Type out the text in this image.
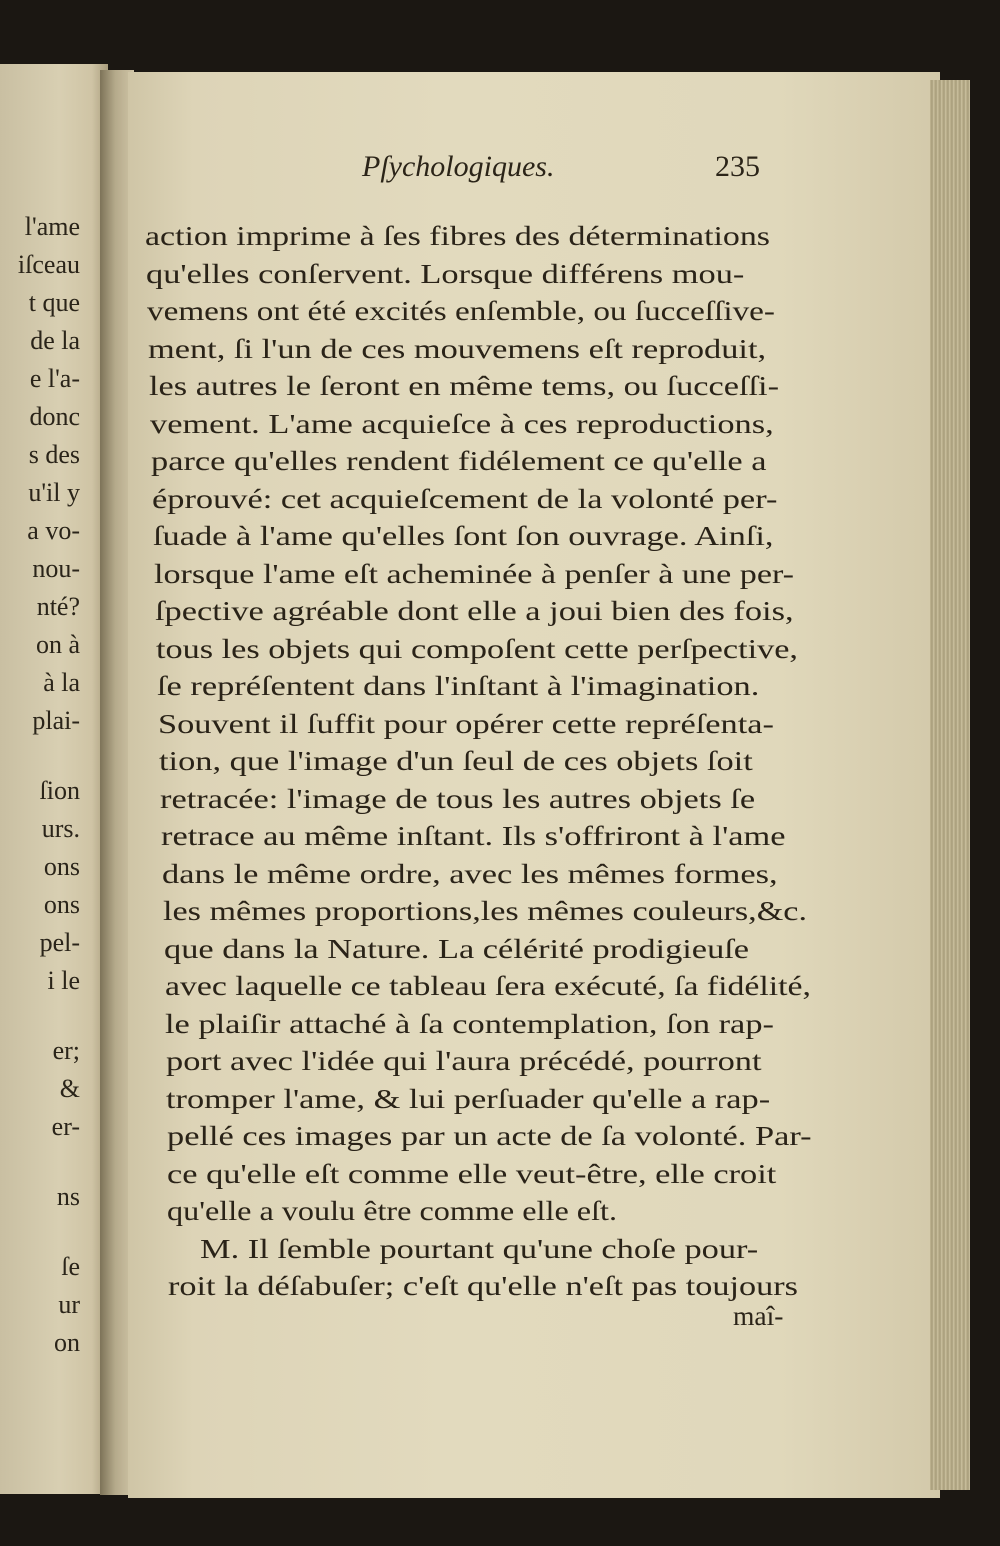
l'ame
iſceau
t que
de la
e l'a-
donc
s des
u'il y
a vo-
nou-
nté?
on à
à la
plai-
ſion
urs.
ons
ons
pel-
i le
er;
&
er-
ns
ſe
ur
on
Pſychologiques.	235
action imprime à ſes fibres des déterminations
qu'elles conſervent. Lorsque différens mou-
vemens ont été excités enſemble, ou ſucceſſive-
ment, ſi l'un de ces mouvemens eſt reproduit,
les autres le ſeront en même tems, ou ſucceſſi-
vement. L'ame acquieſce à ces reproductions,
parce qu'elles rendent fidélement ce qu'elle a
éprouvé: cet acquieſcement de la volonté per-
ſuade à l'ame qu'elles ſont ſon ouvrage. Ainſi,
lorsque l'ame eſt acheminée à penſer à une per-
ſpective agréable dont elle a joui bien des fois,
tous les objets qui compoſent cette perſpective,
ſe repréſentent dans l'inſtant à l'imagination.
Souvent il ſuffit pour opérer cette repréſenta-
tion, que l'image d'un ſeul de ces objets ſoit
retracée: l'image de tous les autres objets ſe
retrace au même inſtant. Ils s'offriront à l'ame
dans le même ordre, avec les mêmes formes,
les mêmes proportions,les mêmes couleurs,&c.
que dans la Nature. La célérité prodigieuſe
avec laquelle ce tableau ſera exécuté, ſa fidélité,
le plaiſir attaché à ſa contemplation, ſon rap-
port avec l'idée qui l'aura précédé, pourront
tromper l'ame, & lui perſuader qu'elle a rap-
pellé ces images par un acte de ſa volonté. Par-
ce qu'elle eſt comme elle veut-être, elle croit
qu'elle a voulu être comme elle eſt.
M. Il ſemble pourtant qu'une choſe pour-
roit la déſabuſer; c'eſt qu'elle n'eſt pas toujours
maî-
